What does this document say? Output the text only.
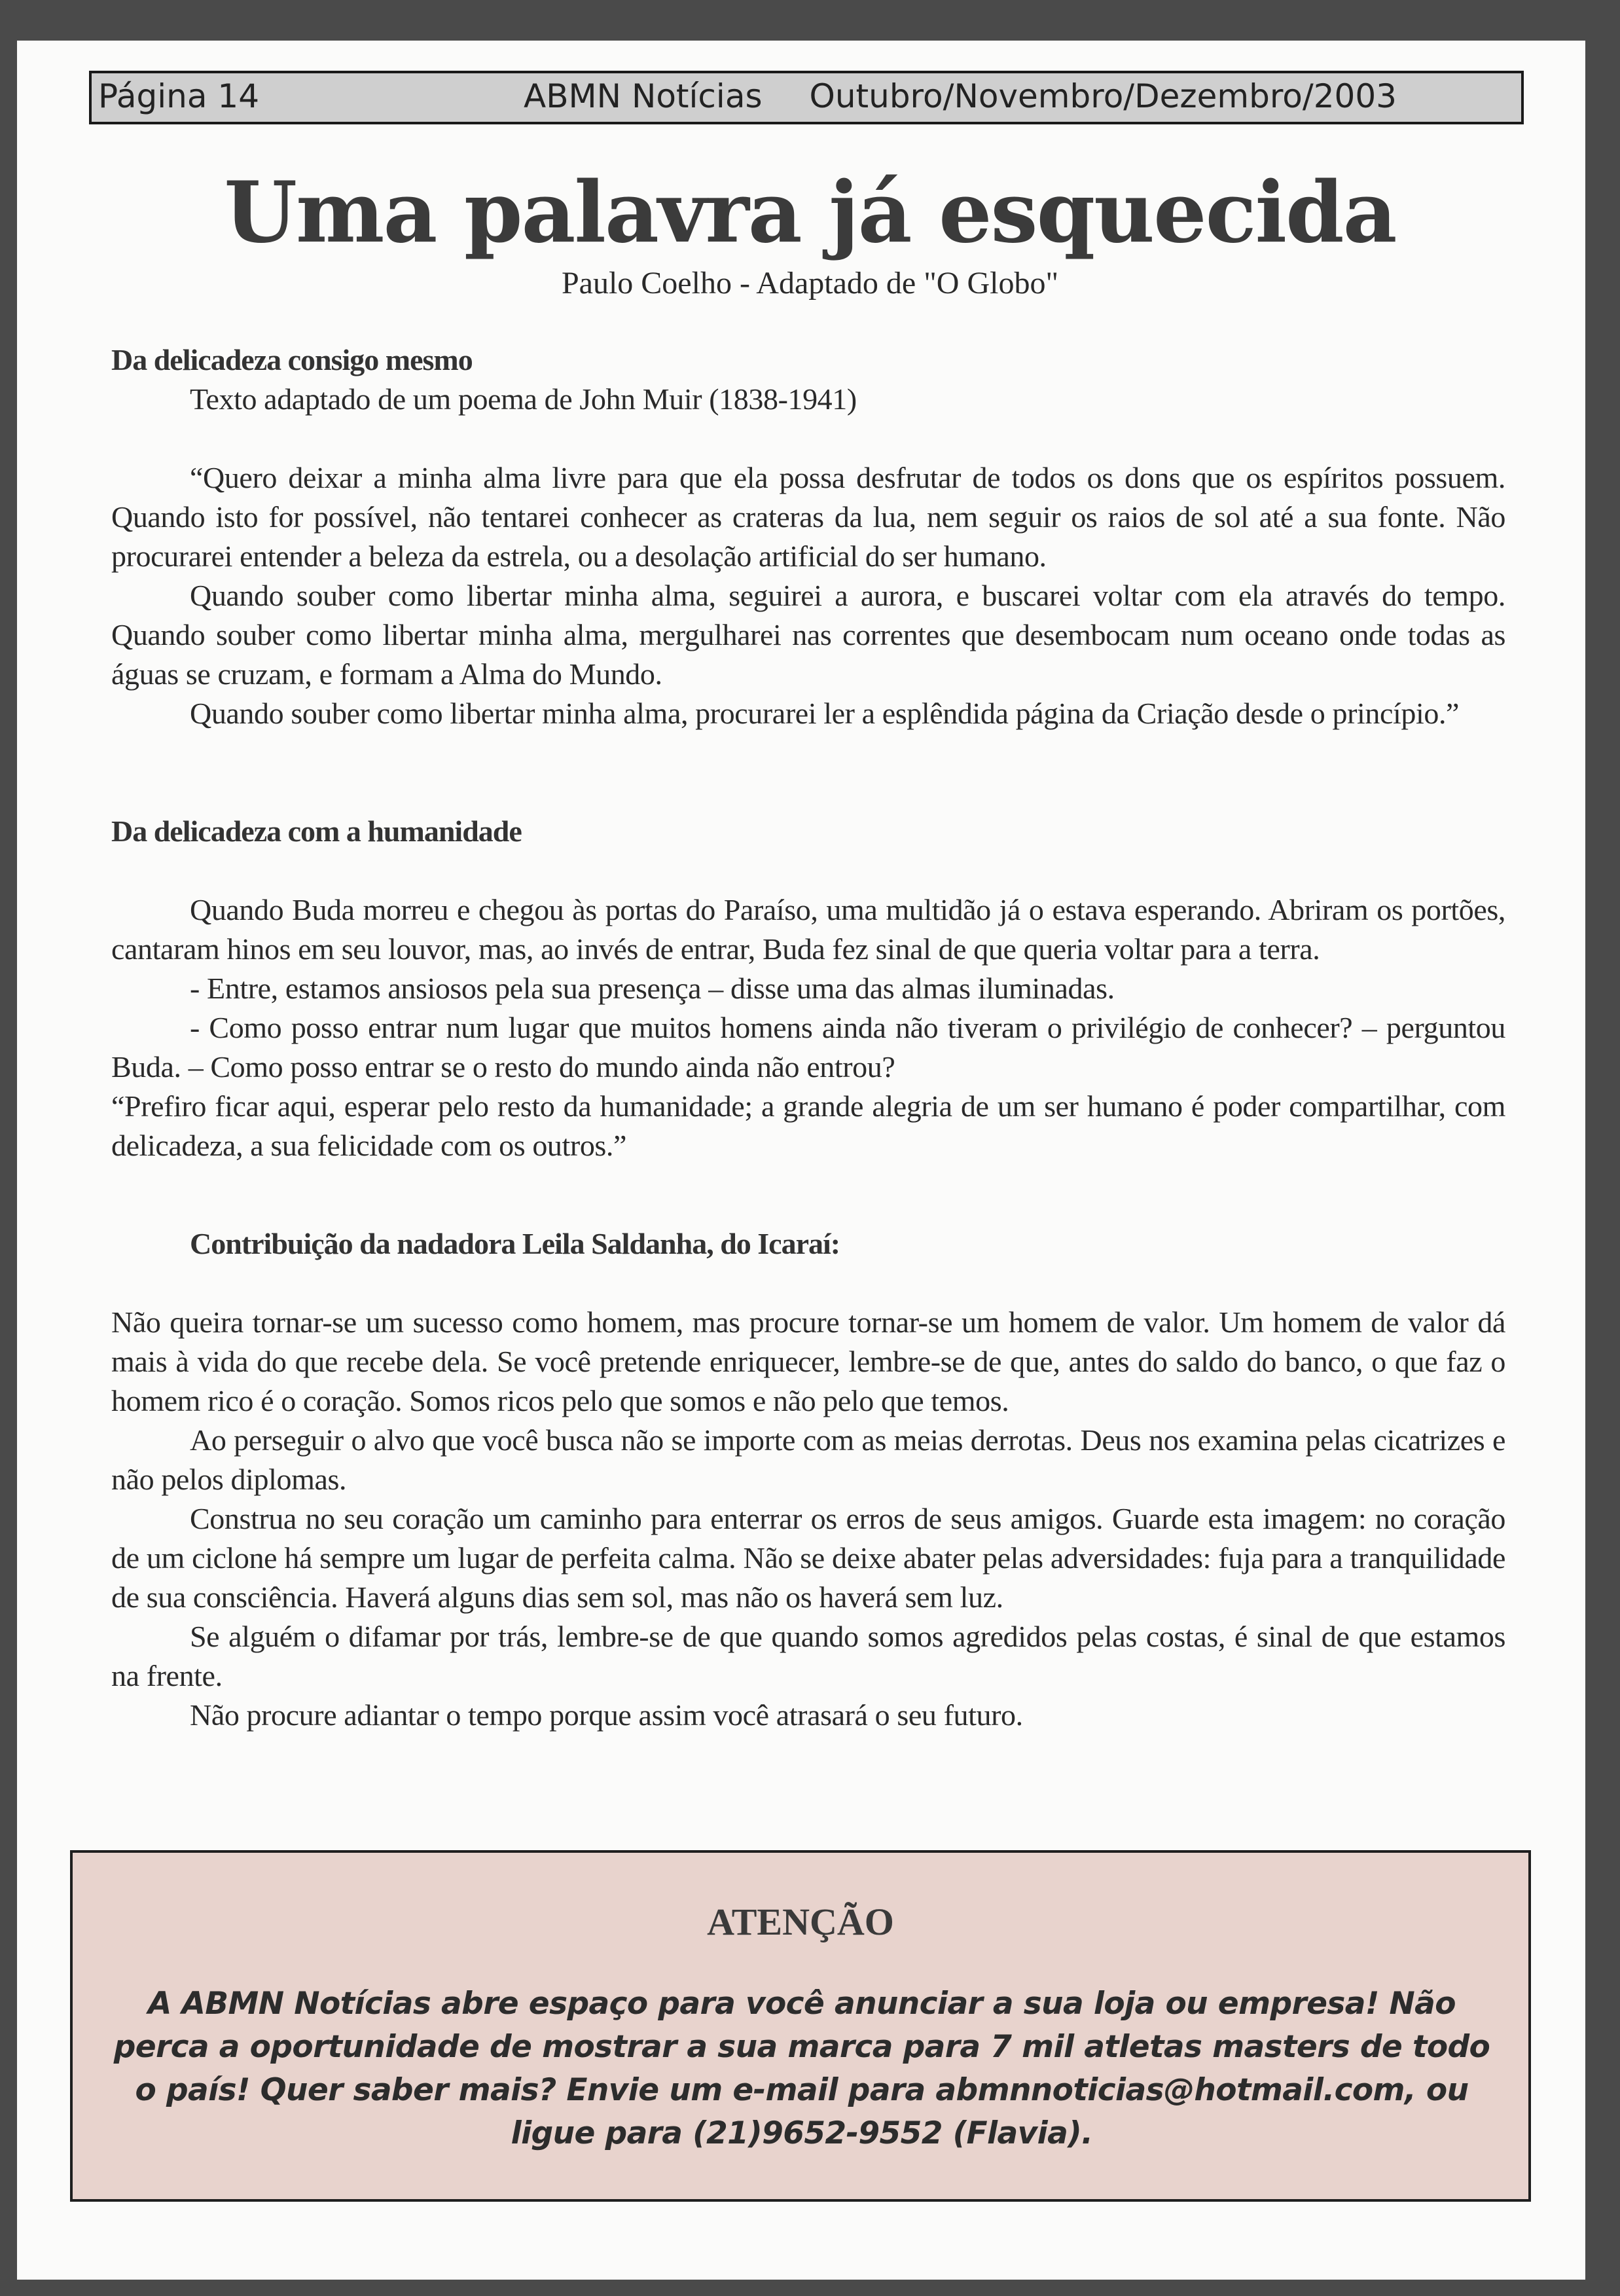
Página 14	ABMN Notícias Outubro/Novembro/Dezembro/2003
Uma palavra já esquecida
Paulo Coelho - Adaptado de "O Globo"
Da delicadeza consigo mesmo

Texto adaptado de um poema de John Muir (1838-1941)

“Quero deixar a minha alma livre para que ela possa desfrutar de todos os dons que os espíritos possuem. Quando isto for possível, não tentarei conhecer as crateras da lua, nem seguir os raios de sol até a sua fonte. Não procurarei entender a beleza da estrela, ou a desolação artificial do ser humano.

Quando souber como libertar minha alma, seguirei a aurora, e buscarei voltar com ela através do tempo. Quando souber como libertar minha alma, mergulharei nas correntes que desembocam num oceano onde todas as águas se cruzam, e formam a Alma do Mundo.

Quando souber como libertar minha alma, procurarei ler a esplêndida página da Criação desde o princípio.”

Da delicadeza com a humanidade

Quando Buda morreu e chegou às portas do Paraíso, uma multidão já o estava esperando. Abriram os portões, cantaram hinos em seu louvor, mas, ao invés de entrar, Buda fez sinal de que queria voltar para a terra.

- Entre, estamos ansiosos pela sua presença – disse uma das almas iluminadas.

- Como posso entrar num lugar que muitos homens ainda não tiveram o privilégio de conhecer? – perguntou Buda. – Como posso entrar se o resto do mundo ainda não entrou?

“Prefiro ficar aqui, esperar pelo resto da humanidade; a grande alegria de um ser humano é poder compartilhar, com delicadeza, a sua felicidade com os outros.”

Contribuição da nadadora Leila Saldanha, do Icaraí:

Não queira tornar-se um sucesso como homem, mas procure tornar-se um homem de valor. Um homem de valor dá mais à vida do que recebe dela. Se você pretende enriquecer, lembre-se de que, antes do saldo do banco, o que faz o homem rico é o coração. Somos ricos pelo que somos e não pelo que temos.

Ao perseguir o alvo que você busca não se importe com as meias derrotas. Deus nos examina pelas cicatrizes e não pelos diplomas.

Construa no seu coração um caminho para enterrar os erros de seus amigos. Guarde esta imagem: no coração de um ciclone há sempre um lugar de perfeita calma. Não se deixe abater pelas adversidades: fuja para a tranquilidade de sua consciência. Haverá alguns dias sem sol, mas não os haverá sem luz.

Se alguém o difamar por trás, lembre-se de que quando somos agredidos pelas costas, é sinal de que estamos na frente.

Não procure adiantar o tempo porque assim você atrasará o seu futuro.

ATENÇÃO
A ABMN Notícias abre espaço para você anunciar a sua loja ou empresa! Não perca a oportunidade de mostrar a sua marca para 7 mil atletas masters de todo o país! Quer saber mais? Envie um e-mail para abmnnoticias@hotmail.com, ou ligue para (21)9652-9552 (Flavia).
